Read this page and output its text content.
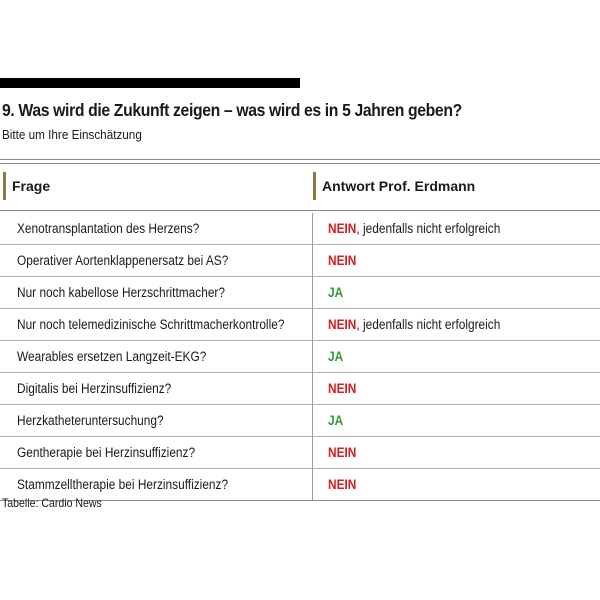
9. Was wird die Zukunft zeigen – was wird es in 5 Jahren geben?
Bitte um Ihre Einschätzung
Frage	Antwort Prof. Erdmann
Xenotransplantation des Herzens?	NEIN, jedenfalls nicht erfolgreich
Operativer Aortenklappenersatz bei AS?	NEIN
Nur noch kabellose Herzschrittmacher?	JA
Nur noch telemedizinische Schrittmacherkontrolle?	NEIN, jedenfalls nicht erfolgreich
Wearables ersetzen Langzeit-EKG?	JA
Digitalis bei Herzinsuffizienz?	NEIN
Herzkatheteruntersuchung?	JA
Gentherapie bei Herzinsuffizienz?	NEIN
Stammzelltherapie bei Herzinsuffizienz?	NEIN
Tabelle: Cardio News
